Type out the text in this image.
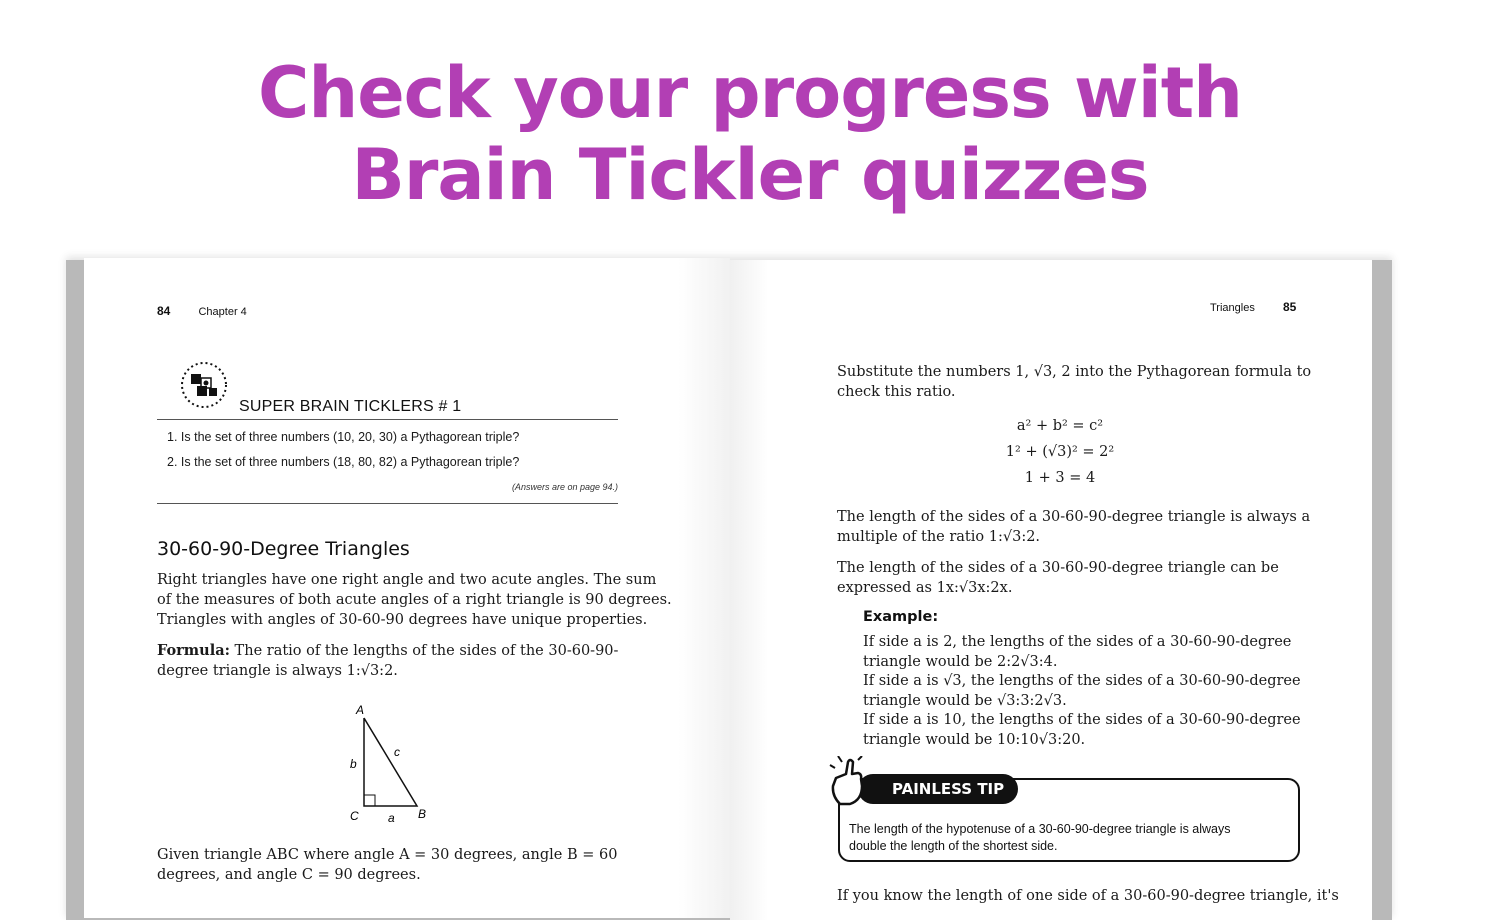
Check your progress with
Brain Tickler quizzes
84	Chapter 4
SUPER BRAIN TICKLERS # 1
1. Is the set of three numbers (10, 20, 30) a Pythagorean triple?
2. Is the set of three numbers (18, 80, 82) a Pythagorean triple?
(Answers are on page 94.)
30-60-90-Degree Triangles

Right triangles have one right angle and two acute angles. The sum

of the measures of both acute angles of a right triangle is 90 degrees.

Triangles with angles of 30-60-90 degrees have unique properties.

Formula: The ratio of the lengths of the sides of the 30-60-90-

degree triangle is always 1:√3:2.

A
B
C a
b
c

Given triangle ABC where angle A = 30 degrees, angle B = 60

degrees, and angle C = 90 degrees.

Triangles 85

Substitute the numbers 1, √3, 2 into the Pythagorean formula to

check this ratio.

a² + b² = c²
1² + (√3)² = 2²
1 + 3 = 4

The length of the sides of a 30-60-90-degree triangle is always a

multiple of the ratio 1:√3:2.

The length of the sides of a 30-60-90-degree triangle can be

expressed as 1x:√3x:2x.

Example:

If side a is 2, the lengths of the sides of a 30-60-90-degree

triangle would be 2:2√3:4.

If side a is √3, the lengths of the sides of a 30-60-90-degree

triangle would be √3:3:2√3.

If side a is 10, the lengths of the sides of a 30-60-90-degree

triangle would be 10:10√3:20.

PAINLESS TIP
The length of the hypotenuse of a 30-60-90-degree triangle is always
double the length of the shortest side.

If you know the length of one side of a 30-60-90-degree triangle, it's
